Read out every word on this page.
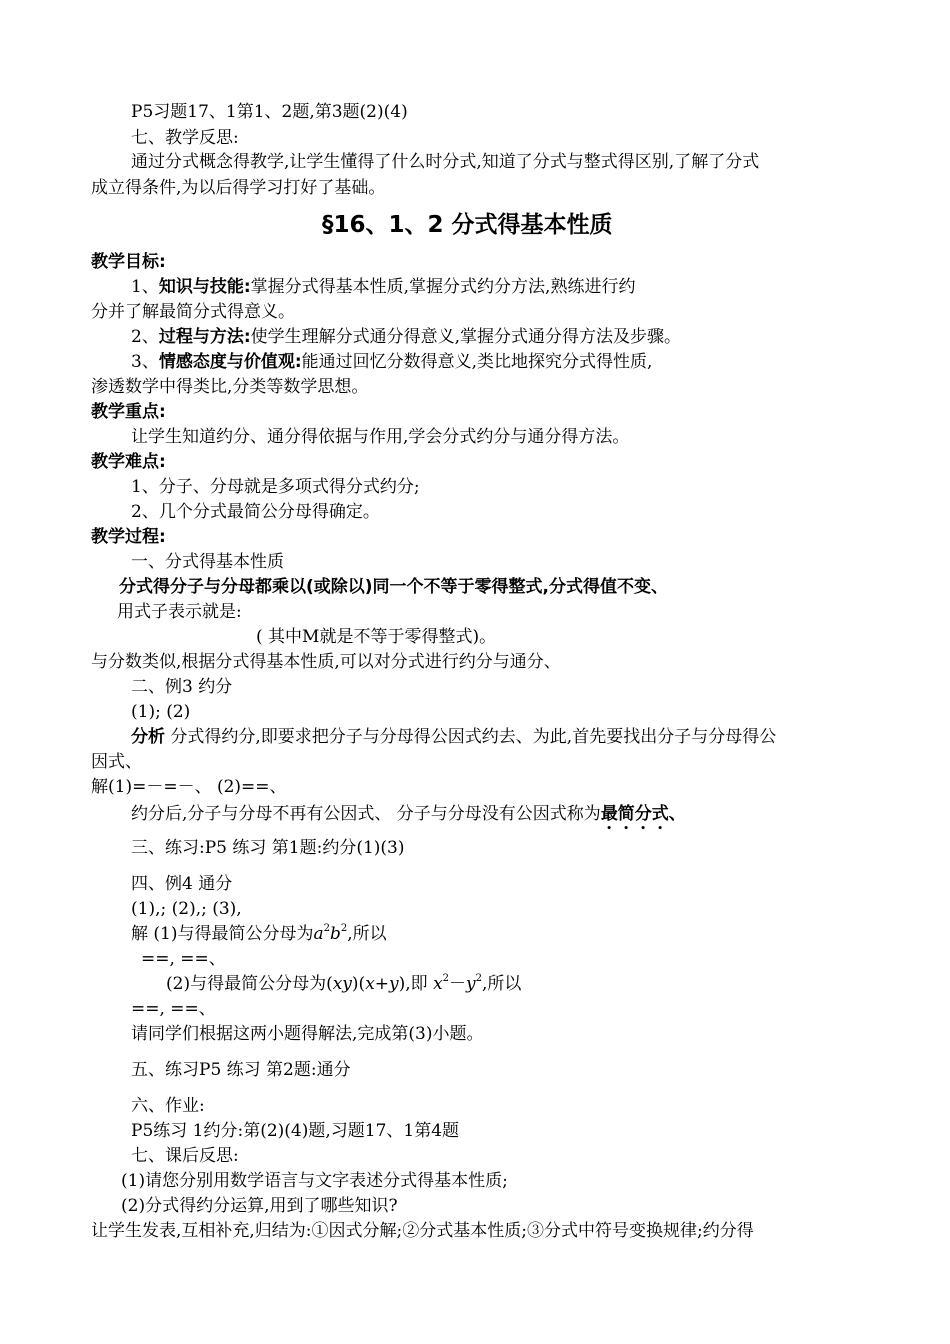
P5习题17、1第1、2题,第3题(2)(4)
七、教学反思:
通过分式概念得教学,让学生懂得了什么时分式,知道了分式与整式得区别,了解了分式
成立得条件,为以后得学习打好了基础。
§16、1、2 分式得基本性质
教学目标:
1、知识与技能:掌握分式得基本性质,掌握分式约分方法,熟练进行约
分并了解最简分式得意义。
2、过程与方法:使学生理解分式通分得意义,掌握分式通分得方法及步骤。
3、情感态度与价值观:能通过回忆分数得意义,类比地探究分式得性质,
渗透数学中得类比,分类等数学思想。
教学重点:
让学生知道约分、通分得依据与作用,学会分式约分与通分得方法。
教学难点:
1、分子、分母就是多项式得分式约分;
2、几个分式最简公分母得确定。
教学过程:
一、分式得基本性质
分式得分子与分母都乘以(或除以)同一个不等于零得整式,分式得值不变、
用式子表示就是:
( 其中M就是不等于零得整式)。
与分数类似,根据分式得基本性质,可以对分式进行约分与通分、
二、例3 约分
(1); (2)
分析 分式得约分,即要求把分子与分母得公因式约去、为此,首先要找出分子与分母得公
因式、
解(1)=－=－、 (2)==、
约分后,分子与分母不再有公因式、 分子与分母没有公因式称为最简分式、
三、练习:P5 练习 第1题:约分(1)(3)
四、例4 通分
(1),; (2),; (3),
解 (1)与得最简公分母为$a^2b^2$,所以
==, ==、
(2)与得最简公分母为(xy)(x+y),即 $x^2-y^2$,所以
==, ==、
请同学们根据这两小题得解法,完成第(3)小题。
五、练习P5 练习 第2题:通分
六、作业:
P5练习 1约分:第(2)(4)题,习题17、1第4题
七、课后反思:
(1)请您分别用数学语言与文字表述分式得基本性质;
(2)分式得约分运算,用到了哪些知识?
让学生发表,互相补充,归结为:①因式分解;②分式基本性质;③分式中符号变换规律;约分得
